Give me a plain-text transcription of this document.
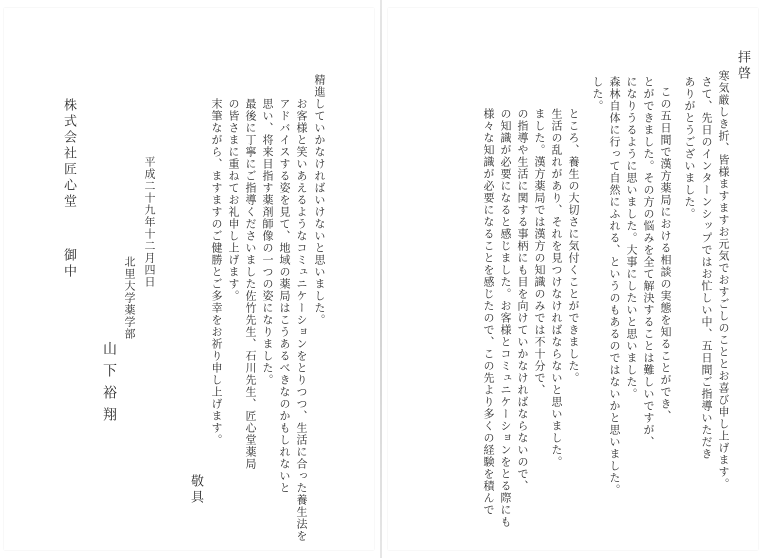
拝啓
寒気厳しき折、皆様ますますお元気でおすごしのこととお喜び申し上げます。
さて、先日のインターンシップではお忙しい中、五日間ご指導いただき
ありがとうございました。
この五日間で漢方薬局における相談の実態を知ることができ、
とができました。その方の悩みを全て解決することは難しいですが、
になりうるように思いました。大事にしたいと思いました。
森林自体に行って自然にふれる、というのもあるのではないかと思いました。
した。
ところ、養生の大切さに気付くことができました。
生活の乱れがあり、それを見つけなければならないと思いました。
ました。漢方薬局では漢方の知識のみでは不十分で、
の指導や生活に関する事柄にも目を向けていかなければならないので、
の知識が必要になると感じました。お客様とコミュニケーションをとる際にも
様々な知識が必要になることを感じたので、この先より多くの経験を積んで
精進していかなければいけないと思いました。
お客様と笑いあえるようなコミュニケーションをとりつつ、生活に合った養生法を
アドバイスする姿を見て、地域の薬局はこうあるべきなのかもしれないと
思い、将来目指す薬剤師像の一つの姿になりました。
最後に丁寧にご指導くださいました佐竹先生、石川先生、匠心堂薬局
の皆さまに重ねてお礼申し上げます。
末筆ながら、ますますのご健勝とご多幸をお祈り申し上げます。
敬具
平成二十九年十二月四日
北里大学薬学部
山下裕翔
株式会社匠心堂
御中
